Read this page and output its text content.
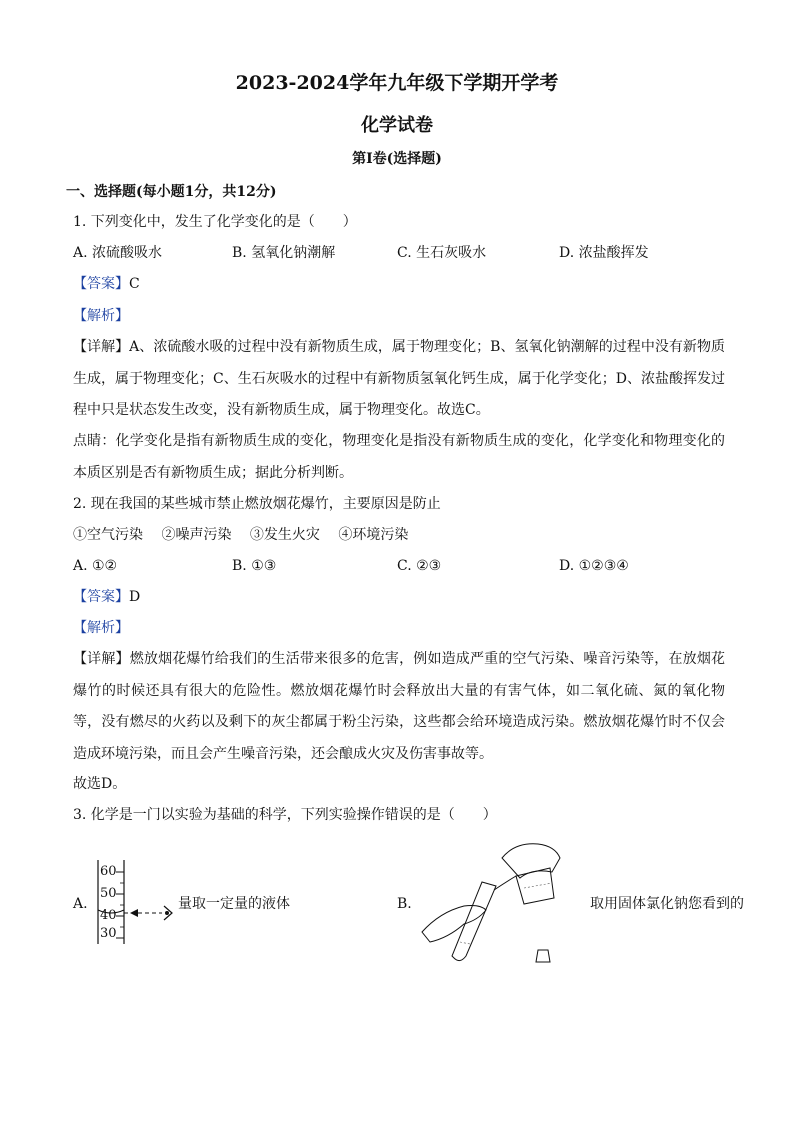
2023-2024学年九年级下学期开学考
化学试卷
第I卷(选择题)
一、选择题(每小题1分，共12分)
1. 下列变化中，发生了化学变化的是（　　）
A. 浓硫酸吸水	B. 氢氧化钠潮解	C. 生石灰吸水	D. 浓盐酸挥发
【答案】C
【解析】
【详解】A、浓硫酸水吸的过程中没有新物质生成，属于物理变化；B、氢氧化钠潮解的过程中没有新物质生成，属于物理变化；C、生石灰吸水的过程中有新物质氢氧化钙生成，属于化学变化；D、浓盐酸挥发过程中只是状态发生改变，没有新物质生成，属于物理变化。故选C。
点睛：化学变化是指有新物质生成的变化，物理变化是指没有新物质生成的变化，化学变化和物理变化的本质区别是否有新物质生成；据此分析判断。
2. 现在我国的某些城市禁止燃放烟花爆竹，主要原因是防止
①空气污染　 ②噪声污染　 ③发生火灾　 ④环境污染
A. ①②	B. ①③	C. ②③	D. ①②③④
【答案】D
【解析】
【详解】燃放烟花爆竹给我们的生活带来很多的危害，例如造成严重的空气污染、噪音污染等，在放烟花爆竹的时候还具有很大的危险性。燃放烟花爆竹时会释放出大量的有害气体，如二氧化硫、氮的氧化物等，没有燃尽的火药以及剩下的灰尘都属于粉尘污染，这些都会给环境造成污染。燃放烟花爆竹时不仅会造成环境污染，而且会产生噪音污染，还会酿成火灾及伤害事故等。
故选D。
3. 化学是一门以实验为基础的科学，下列实验操作错误的是（　　）
A.
60
50
40
30
量取一定量的液体	B.	取用固体氯化钠您看到的
